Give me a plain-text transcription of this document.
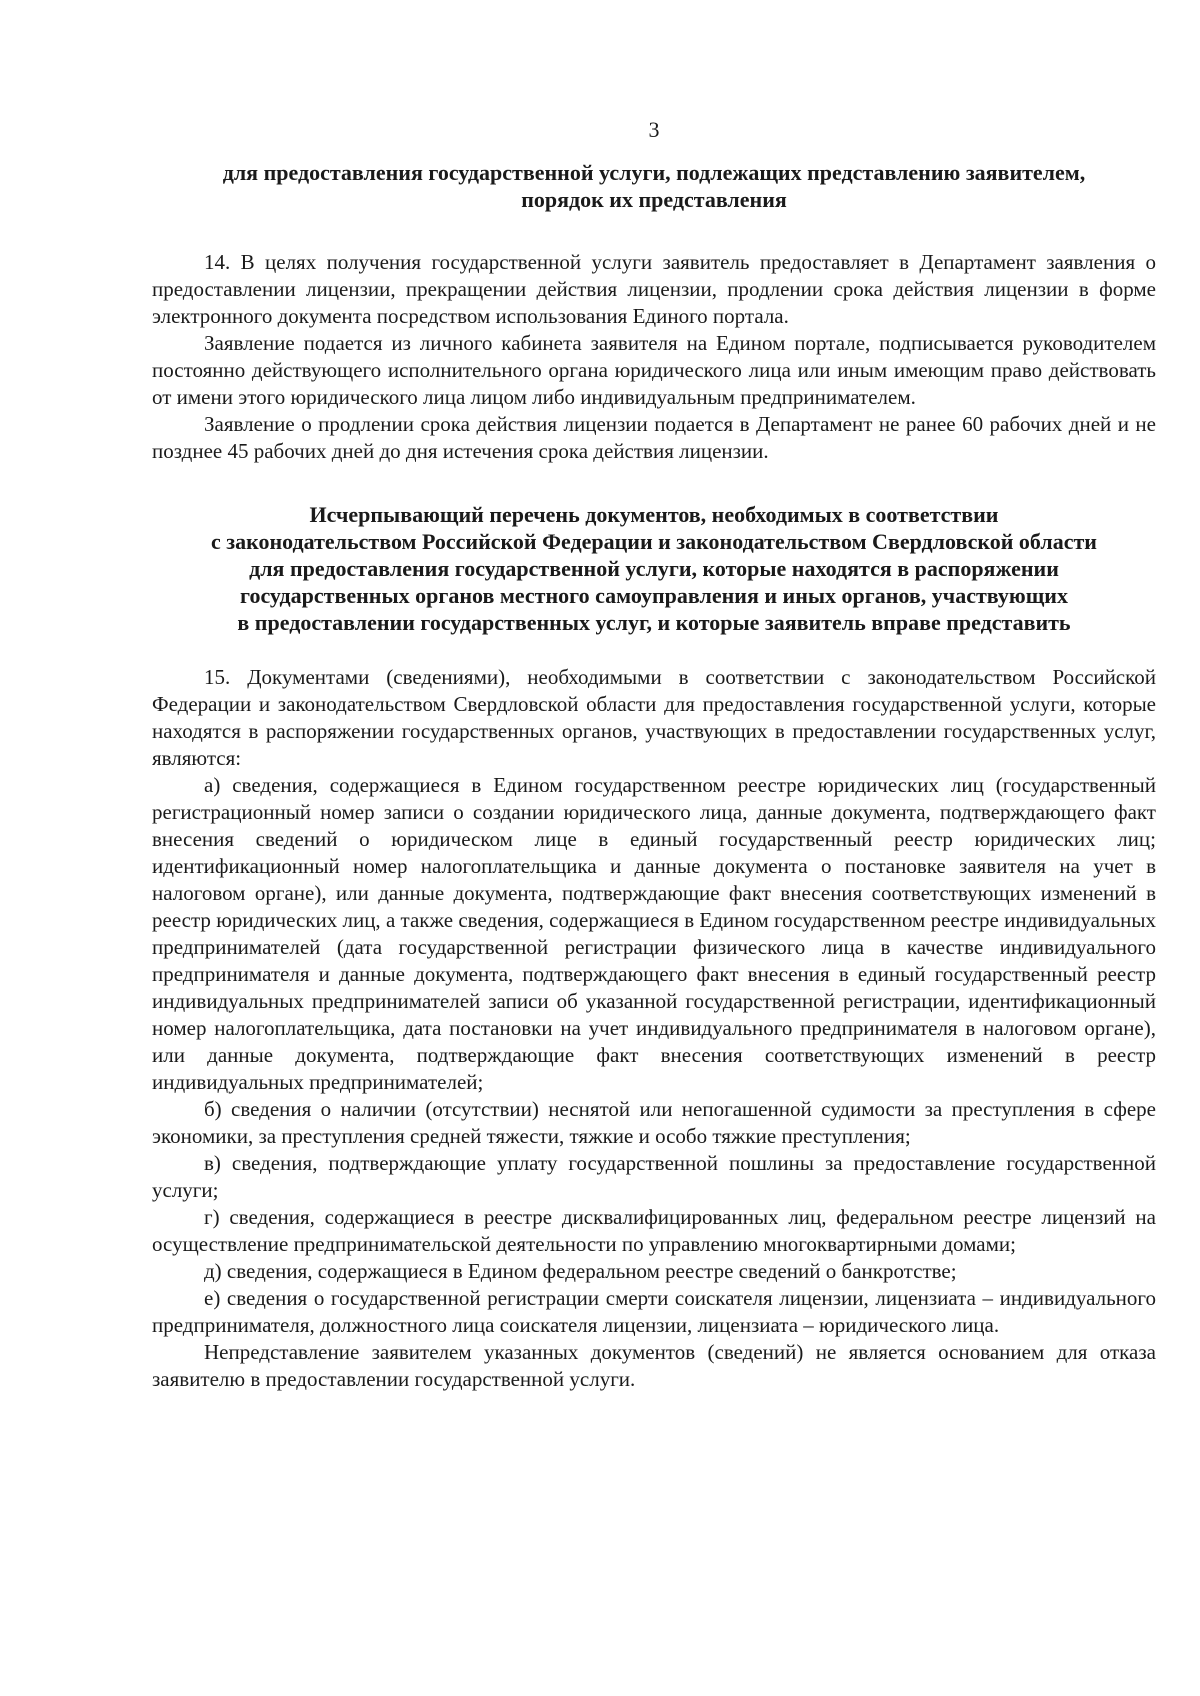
3

для предоставления государственной услуги, подлежащих представлению заявителем,

порядок их представления

14. В целях получения государственной услуги заявитель предоставляет в Департамент заявления о предоставлении лицензии, прекращении действия лицензии, продлении срока действия лицензии в форме электронного документа посредством использования Единого портала.

Заявление подается из личного кабинета заявителя на Едином портале, подписывается руководителем постоянно действующего исполнительного органа юридического лица или иным имеющим право действовать от имени этого юридического лица лицом либо индивидуальным предпринимателем.

Заявление о продлении срока действия лицензии подается в Департамент не ранее 60 рабочих дней и не позднее 45 рабочих дней до дня истечения срока действия лицензии.

Исчерпывающий перечень документов, необходимых в соответствии

с законодательством Российской Федерации и законодательством Свердловской области

для предоставления государственной услуги, которые находятся в распоряжении

государственных органов местного самоуправления и иных органов, участвующих

в предоставлении государственных услуг, и которые заявитель вправе представить

15. Документами (сведениями), необходимыми в соответствии с законодательством Российской Федерации и законодательством Свердловской области для предоставления государственной услуги, которые находятся в распоряжении государственных органов, участвующих в предоставлении государственных услуг, являются:

а) сведения, содержащиеся в Едином государственном реестре юридических лиц (государственный регистрационный номер записи о создании юридического лица, данные документа, подтверждающего факт внесения сведений о юридическом лице в единый государственный реестр юридических лиц; идентификационный номер налогоплательщика и данные документа о постановке заявителя на учет в налоговом органе), или данные документа, подтверждающие факт внесения соответствующих изменений в реестр юридических лиц, а также сведения, содержащиеся в Едином государственном реестре индивидуальных предпринимателей (дата государственной регистрации физического лица в качестве индивидуального предпринимателя и данные документа, подтверждающего факт внесения в единый государственный реестр индивидуальных предпринимателей записи об указанной государственной регистрации, идентификационный номер налогоплательщика, дата постановки на учет индивидуального предпринимателя в налоговом органе), или данные документа, подтверждающие факт внесения соответствующих изменений в реестр индивидуальных предпринимателей;

б) сведения о наличии (отсутствии) неснятой или непогашенной судимости за преступления в сфере экономики, за преступления средней тяжести, тяжкие и особо тяжкие преступления;

в) сведения, подтверждающие уплату государственной пошлины за предоставление государственной услуги;

г) сведения, содержащиеся в реестре дисквалифицированных лиц, федеральном реестре лицензий на осуществление предпринимательской деятельности по управлению многоквартирными домами;

д) сведения, содержащиеся в Едином федеральном реестре сведений о банкротстве;

е) сведения о государственной регистрации смерти соискателя лицензии, лицензиата – индивидуального предпринимателя, должностного лица соискателя лицензии, лицензиата – юридического лица.

Непредставление заявителем указанных документов (сведений) не является основанием для отказа заявителю в предоставлении государственной услуги.
